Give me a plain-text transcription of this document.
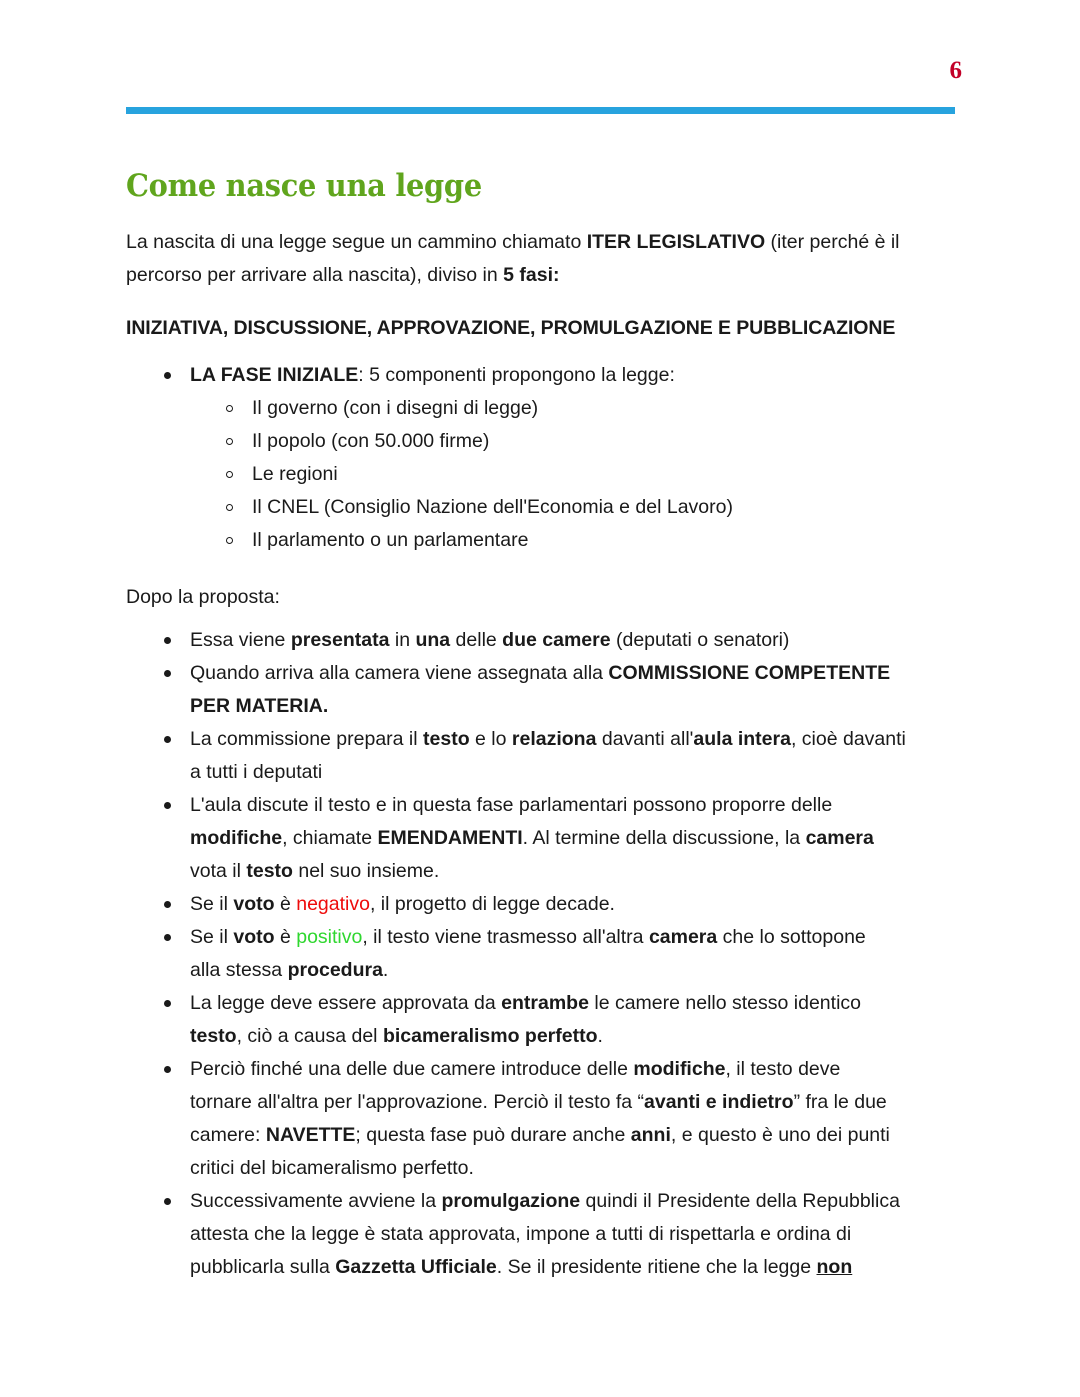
6
Come nasce una legge

La nascita di una legge segue un cammino chiamato ITER LEGISLATIVO (iter perché è il
percorso per arrivare alla nascita), diviso in 5 fasi:

INIZIATIVA, DISCUSSIONE, APPROVAZIONE, PROMULGAZIONE E PUBBLICAZIONE

LA FASE INIZIALE: 5 componenti propongono la legge:
Il governo (con i disegni di legge)
Il popolo (con 50.000 firme)
Le regioni
Il CNEL (Consiglio Nazione dell'Economia e del Lavoro)
Il parlamento o un parlamentare

Dopo la proposta:

Essa viene presentata in una delle due camere (deputati o senatori)
Quando arriva alla camera viene assegnata alla COMMISSIONE COMPETENTE
PER MATERIA.
La commissione prepara il testo e lo relaziona davanti all'aula intera, cioè davanti
a tutti i deputati
L'aula discute il testo e in questa fase parlamentari possono proporre delle
modifiche, chiamate EMENDAMENTI. Al termine della discussione, la camera
vota il testo nel suo insieme.
Se il voto è negativo, il progetto di legge decade.
Se il voto è positivo, il testo viene trasmesso all'altra camera che lo sottopone
alla stessa procedura.
La legge deve essere approvata da entrambe le camere nello stesso identico
testo, ciò a causa del bicameralismo perfetto.
Perciò finché una delle due camere introduce delle modifiche, il testo deve
tornare all'altra per l'approvazione. Perciò il testo fa “avanti e indietro” fra le due
camere: NAVETTE; questa fase può durare anche anni, e questo è uno dei punti
critici del bicameralismo perfetto.
Successivamente avviene la promulgazione quindi il Presidente della Repubblica
attesta che la legge è stata approvata, impone a tutti di rispettarla e ordina di
pubblicarla sulla Gazzetta Ufficiale. Se il presidente ritiene che la legge non
